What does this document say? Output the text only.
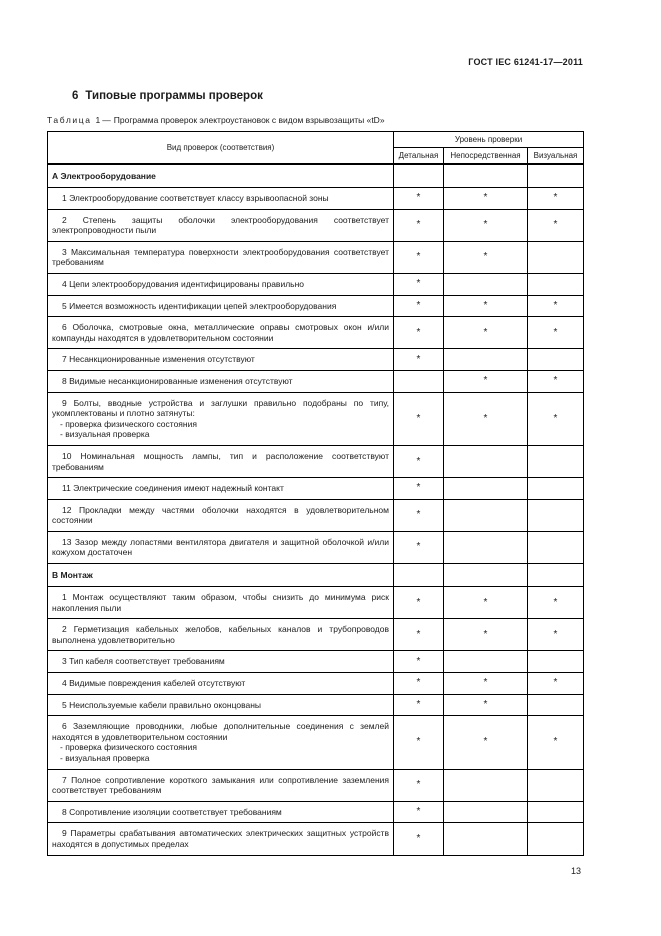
ГОСТ IEC 61241-17—2011
6 Типовые программы проверок
Таблица 1 — Программа проверок электроустановок с видом взрывозащиты «tD»
Вид проверок (соответствия)	Уровень проверки		
	Детальная	Непосредственная	Визуальная
А Электрооборудование			

1 Электрооборудование соответствует классу взрывоопасной зоны	*	*	*

2 Степень защиты оболочки электрооборудования соответствует электропроводности пыли	*	*	*

3 Максимальная температура поверхности электрооборудования соответствует требованиям	*	*	

4 Цепи электрооборудования идентифицированы правильно	*		

5 Имеется возможность идентификации цепей электрооборудования	*	*	*

6 Оболочка, смотровые окна, металлические оправы смотровых окон и/или компаунды находятся в удовлетворительном состоянии	*	*	*

7 Несанкционированные изменения отсутствуют	*		

8 Видимые несанкционированные изменения отсутствуют		*	*

9 Болты, вводные устройства и заглушки правильно подобраны по типу, укомплектованы и плотно затянуты:
- проверка физического состояния
- визуальная проверка	*	*	*

10 Номинальная мощность лампы, тип и расположение соответствуют требованиям	*		

11 Электрические соединения имеют надежный контакт	*		

12 Прокладки между частями оболочки находятся в удовлетворительном состоянии	*		

13 Зазор между лопастями вентилятора двигателя и защитной оболочкой и/или кожухом достаточен	*		
В Монтаж			

1 Монтаж осуществляют таким образом, чтобы снизить до минимума риск накопления пыли	*	*	*

2 Герметизация кабельных желобов, кабельных каналов и трубопроводов выполнена удовлетворительно	*	*	*

3 Тип кабеля соответствует требованиям	*		

4 Видимые повреждения кабелей отсутствуют	*	*	*

5 Неиспользуемые кабели правильно оконцованы	*	*	

6 Заземляющие проводники, любые дополнительные соединения с землей находятся в удовлетворительном состоянии
- проверка физического состояния
- визуальная проверка	*	*	*

7 Полное сопротивление короткого замыкания или сопротивление заземления соответствует требованиям	*		

8 Сопротивление изоляции соответствует требованиям	*		

9 Параметры срабатывания автоматических электрических защитных устройств находятся в допустимых пределах	*		
13
